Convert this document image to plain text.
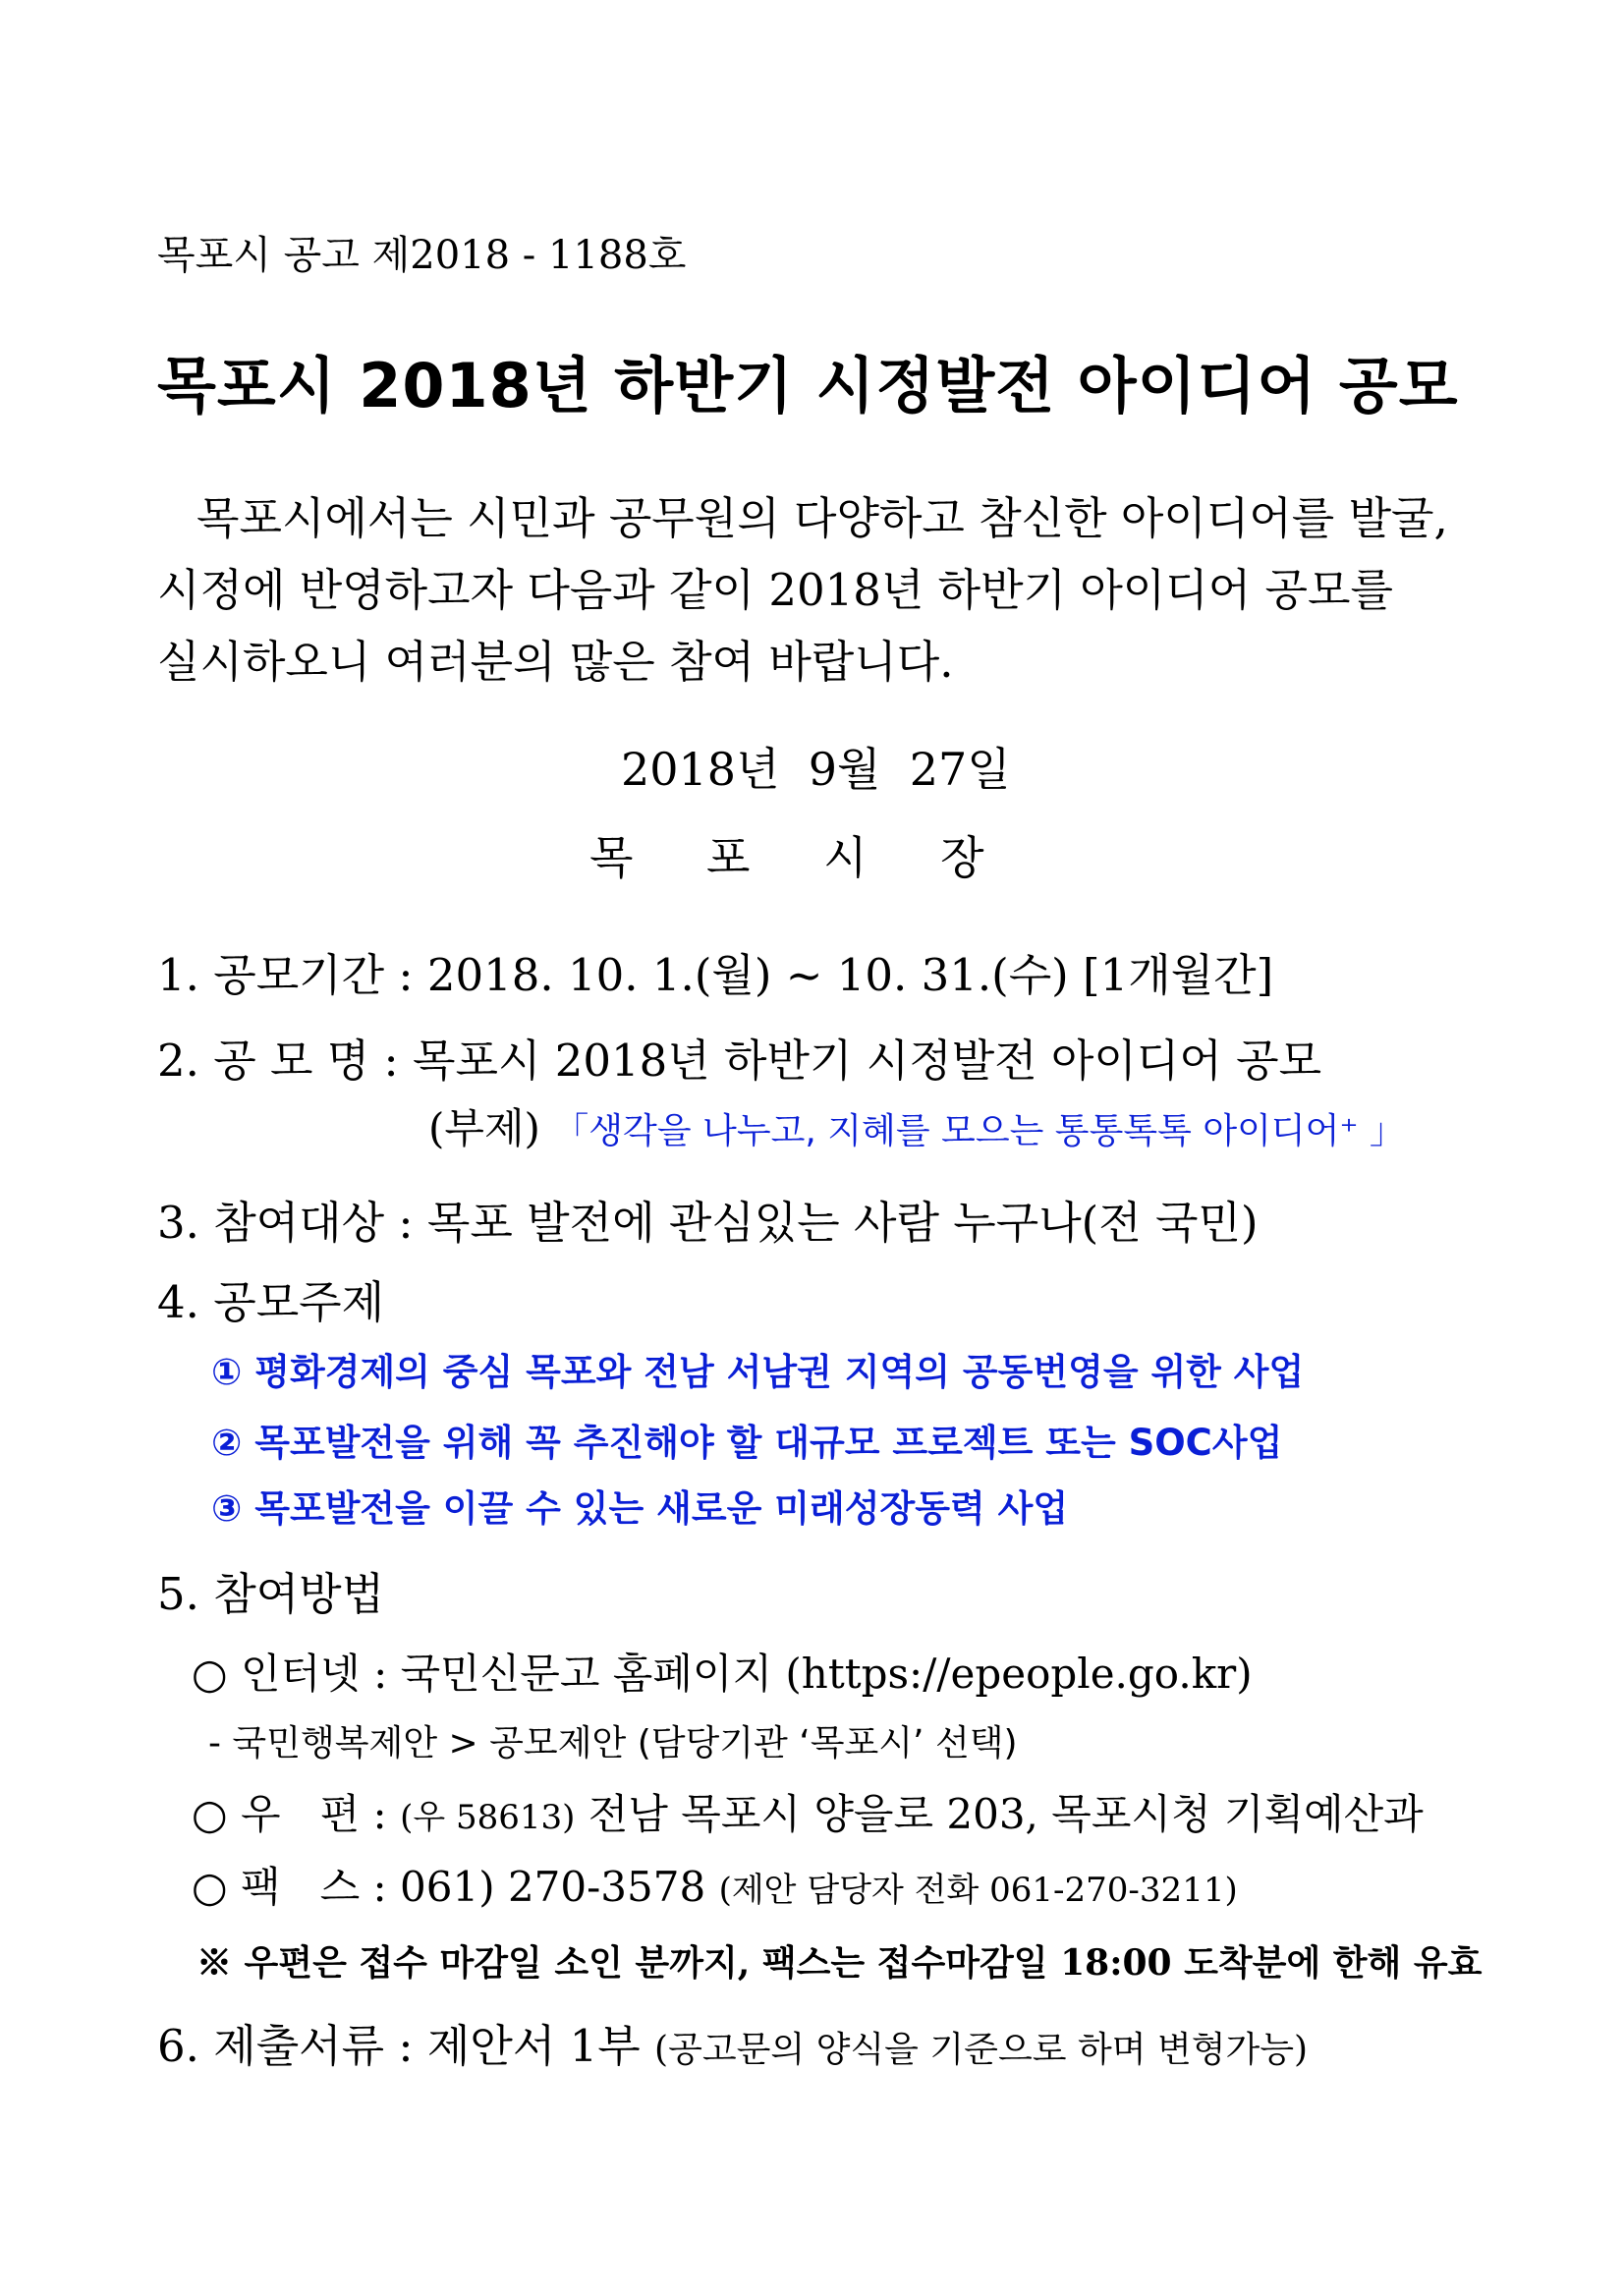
목포시 공고 제2018 - 1188호
목포시 2018년 하반기 시정발전 아이디어 공모
목포시에서는 시민과 공무원의 다양하고 참신한 아이디어를 발굴,
시정에 반영하고자 다음과 같이 2018년 하반기 아이디어 공모를
실시하오니 여러분의 많은 참여 바랍니다.
2018년  9월  27일
목 포 시 장
1. 공모기간 : 2018. 10. 1.(월) ~ 10. 31.(수) [1개월간]
2. 공 모 명 : 목포시 2018년 하반기 시정발전 아이디어 공모
(부제) 「생각을 나누고, 지혜를 모으는 통통톡톡 아이디어⁺ 」
3. 참여대상 : 목포 발전에 관심있는 사람 누구나(전 국민)
4. 공모주제
① 평화경제의 중심 목포와 전남 서남권 지역의 공동번영을 위한 사업
② 목포발전을 위해 꼭 추진해야 할 대규모 프로젝트 또는 SOC사업
③ 목포발전을 이끌 수 있는 새로운 미래성장동력 사업
5. 참여방법
○ 인터넷 : 국민신문고 홈페이지 (https://epeople.go.kr)
- 국민행복제안 > 공모제안 (담당기관 ‘목포시’ 선택)
○ 우   편 : (우 58613) 전남 목포시 양을로 203, 목포시청 기획예산과
○ 팩   스 : 061) 270-3578 (제안 담당자 전화 061-270-3211)
※ 우편은 접수 마감일 소인 분까지, 팩스는 접수마감일 18:00 도착분에 한해 유효
6. 제출서류 : 제안서 1부 (공고문의 양식을 기준으로 하며 변형가능)
